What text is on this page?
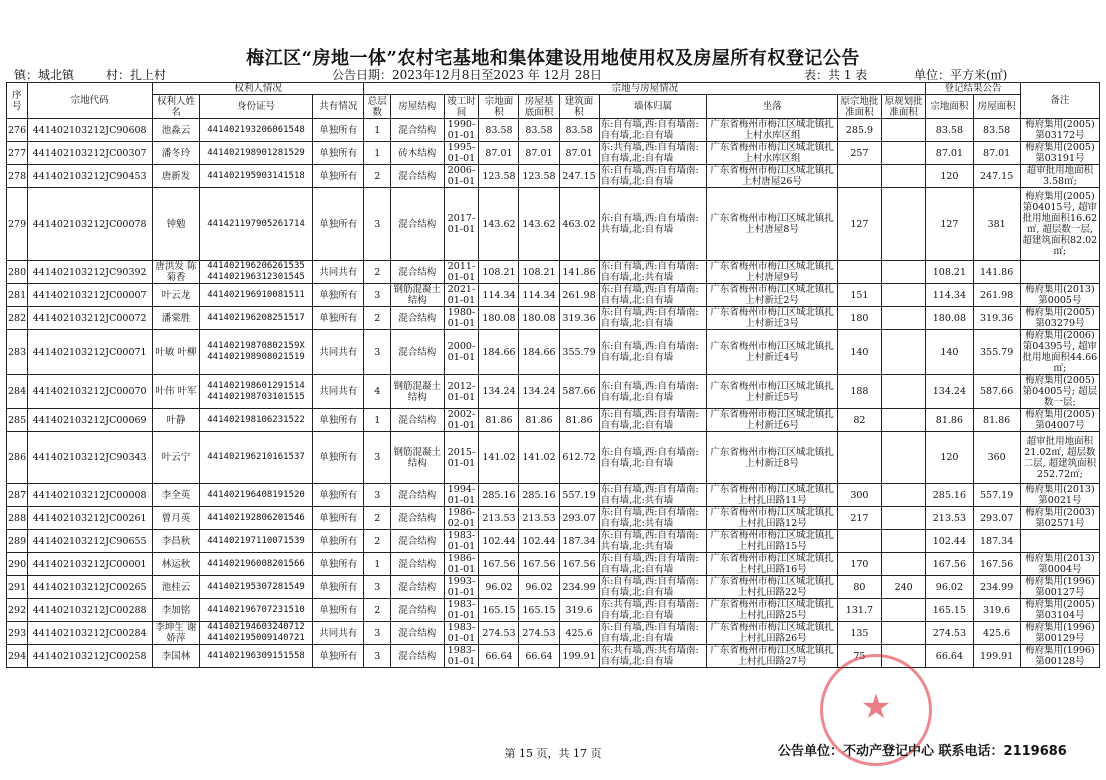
梅江区“房地一体”农村宅基地和集体建设用地使用权及房屋所有权登记公告
镇：城北镇	村：扎上村	公告日期：2023年12月8日至2023 年 12月 28日	表：共 1 表	单位：平方米(㎡)
序号	宗地代码	权利人情况			宗地与房屋情况										登记结果公告		备注
		权利人姓名	身份证号	共有情况	总层数	房屋结构	竣工时间	宗地面积	房屋基底面积	建筑面积	墙体归属	坐落	原宗地批准面积	原规划批准面积	宗地面积	房屋面积	
276	441402103212JC90608	池淼云	441402193206061548	单独所有	1	混合结构	1990-01-01	83.58	83.58	83.58	东:自有墙,西:自有墙南:自有墙,北:自有墙	广东省梅州市梅江区城北镇扎上村水库区组	285.9		83.58	83.58	梅府集用(2005)第03172号
277	441402103212JC00307	潘冬玲	441402198901281529	单独所有	1	砖木结构	1995-01-01	87.01	87.01	87.01	东:共有墙,西:自有墙南:自有墙,北:自有墙	广东省梅州市梅江区城北镇扎上村水库区组	257		87.01	87.01	梅府集用(2005)第03191号
278	441402103212JC90453	唐新发	441402195903141518	单独所有	2	混合结构	2006-01-01	123.58	123.58	247.15	东:自有墙,西:自有墙南:自有墙,北:自有墙	广东省梅州市梅江区城北镇扎上村唐屋26号			120	247.15	超审批用地面积3.58㎡;
279	441402103212JC00078	钟勉	441421197905261714	单独所有	3	混合结构	2017-01-01	143.62	143.62	463.02	东:自有墙,西:自有墙南:共有墙,北:自有墙	广东省梅州市梅江区城北镇扎上村唐屋8号	127		127	381	梅府集用(2005)第04015号, 超审批用地面积16.62㎡, 超层数一层, 超建筑面积82.02㎡;
280	441402103212JC90392	唐洪发 陈菊香	441402196206261535 441402196312301545	共同共有	2	混合结构	2011-01-01	108.21	108.21	141.86	东:自有墙,西:自有墙南:自有墙,北:共有墙	广东省梅州市梅江区城北镇扎上村唐屋9号			108.21	141.86	
281	441402103212JC00007	叶云龙	441402196910081511	单独所有	3	钢筋混凝土结构	2021-01-01	114.34	114.34	261.98	东:自有墙,西:自有墙南:自有墙,北:自有墙	广东省梅州市梅江区城北镇扎上村新迁2号	151		114.34	261.98	梅府集用(2013)第0005号
282	441402103212JC00072	潘棠胜	441402196208251517	单独所有	2	混合结构	1980-01-01	180.08	180.08	319.36	东:自有墙,西:自有墙南:自有墙,北:自有墙	广东省梅州市梅江区城北镇扎上村新迁3号	180		180.08	319.36	梅府集用(2005)第03279号
283	441402103212JC00071	叶敏 叶柳	44140219870802159X 441402198908021519	共同共有	3	混合结构	2000-01-01	184.66	184.66	355.79	东:自有墙,西:自有墙南:自有墙,北:自有墙	广东省梅州市梅江区城北镇扎上村新迁4号	140		140	355.79	梅府集用(2006)第04395号, 超审批用地面积44.66㎡;
284	441402103212JC00070	叶伟 叶军	441402198601291514 441402198703101515	共同共有	4	钢筋混凝土结构	2012-01-01	134.24	134.24	587.66	东:自有墙,西:自有墙南:自有墙,北:自有墙	广东省梅州市梅江区城北镇扎上村新迁5号	188		134.24	587.66	梅府集用(2005)第04005号; 超层数一层;
285	441402103212JC00069	叶静	441402198106231522	单独所有	1	混合结构	2002-01-01	81.86	81.86	81.86	东:自有墙,西:自有墙南:自有墙,北:自有墙	广东省梅州市梅江区城北镇扎上村新迁6号	82		81.86	81.86	梅府集用(2005)第04007号
286	441402103212JC90343	叶云宁	441402196210161537	单独所有	3	钢筋混凝土结构	2015-01-01	141.02	141.02	612.72	东:自有墙,西:自有墙南:自有墙,北:自有墙	广东省梅州市梅江区城北镇扎上村新迁8号			120	360	超审批用地面积21.02㎡, 超层数二层, 超建筑面积252.72㎡;
287	441402103212JC00008	李全英	441402196408191520	单独所有	3	混合结构	1994-01-01	285.16	285.16	557.19	东:自有墙,西:自有墙南:自有墙,北:共有墙	广东省梅州市梅江区城北镇扎上村扎田路11号	300		285.16	557.19	梅府集用(2013)第0021号
288	441402103212JC00261	曾月英	441402192806201546	单独所有	2	混合结构	1986-02-01	213.53	213.53	293.07	东:自有墙,西:自有墙南:自有墙,北:共有墙	广东省梅州市梅江区城北镇扎上村扎田路12号	217		213.53	293.07	梅府集用(2003)第02571号
289	441402103212JC90655	李昌秋	441402197110071539	单独所有	2	混合结构	1983-01-01	102.44	102.44	187.34	东:自有墙,西:自有墙南:共有墙,北:共有墙	广东省梅州市梅江区城北镇扎上村扎田路15号			102.44	187.34	
290	441402103212JC00001	林运秋	441402196008201566	单独所有	1	混合结构	1986-01-01	167.56	167.56	167.56	东:自有墙,西:自有墙南:自有墙,北:自有墙	广东省梅州市梅江区城北镇扎上村扎田路16号	170		167.56	167.56	梅府集用(2013)第0004号
291	441402103212JC00265	池桂云	441402195307281549	单独所有	3	混合结构	1993-01-01	96.02	96.02	234.99	东:自有墙,西:自有墙南:自有墙,北:自有墙	广东省梅州市梅江区城北镇扎上村扎田路22号	80	240	96.02	234.99	梅府集用(1996)第00127号
292	441402103212JC00288	李加铭	441402196707231510	单独所有	2	混合结构	1983-01-01	165.15	165.15	319.6	东:共有墙,西:自有墙南:自有墙,北:自有墙	广东省梅州市梅江区城北镇扎上村扎田路25号	131.7		165.15	319.6	梅府集用(2005)第03104号
293	441402103212JC00284	李坤生 谢娇萍	441402194603240712 441402195009140721	共同共有	3	混合结构	1983-01-01	274.53	274.53	425.6	东:自有墙,西:自有墙南:自有墙,北:自有墙	广东省梅州市梅江区城北镇扎上村扎田路26号	135		274.53	425.6	梅府集用(1996)第00129号
294	441402103212JC00258	李国林	441402196309151558	单独所有	3	混合结构	1983-01-01	66.64	66.64	199.91	东:共有墙,西:共有墙南:自有墙,北:自有墙	广东省梅州市梅江区城北镇扎上村扎田路27号	75		66.64	199.91	梅府集用(1996)第00128号
★
第 15 页，共 17 页	公告单位：不动产登记中心 联系电话：2119686
